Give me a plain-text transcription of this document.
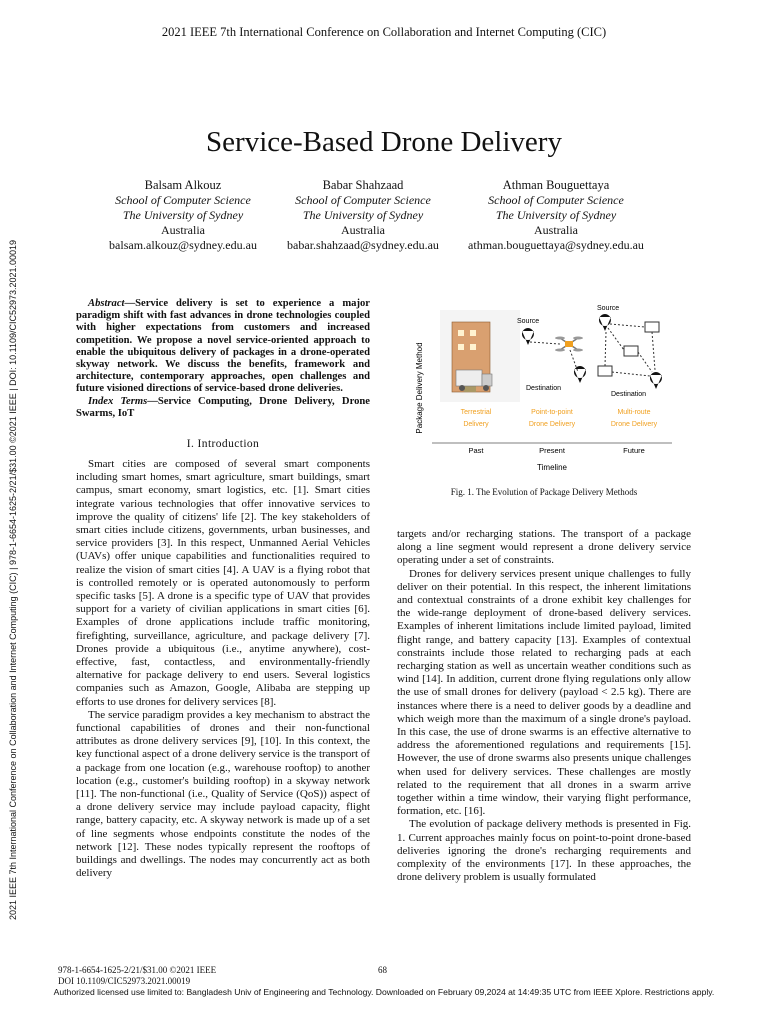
2021 IEEE 7th International Conference on Collaboration and Internet Computing (CIC)
Service-Based Drone Delivery
Balsam Alkouz
School of Computer Science
The University of Sydney
Australia
balsam.alkouz@sydney.edu.au
Babar Shahzaad
School of Computer Science
The University of Sydney
Australia
babar.shahzaad@sydney.edu.au
Athman Bouguettaya
School of Computer Science
The University of Sydney
Australia
athman.bouguettaya@sydney.edu.au
2021 IEEE 7th International Conference on Collaboration and Internet Computing (CIC) | 978-1-6654-1625-2/21/$31.00 ©2021 IEEE | DOI: 10.1109/CIC52973.2021.00019	Abstract—Service delivery is set to experience a major paradigm shift with fast advances in drone technologies coupled with higher expectations from customers and increased competition. We propose a novel service-oriented approach to enable the ubiquitous delivery of packages in a drone-operated skyway network. We discuss the benefits, framework and architecture, contemporary approaches, open challenges and future visioned directions of service-based drone deliveries.

Index Terms—Service Computing, Drone Delivery, Drone Swarms, IoT

I. Introduction

Smart cities are composed of several smart components including smart homes, smart agriculture, smart buildings, smart campus, smart economy, smart logistics, etc. [1]. Smart cities integrate various technologies that offer innovative services to improve the quality of citizens' life [2]. The key stakeholders of smart cities include citizens, governments, urban businesses, and service providers [3]. In this respect, Unmanned Aerial Vehicles (UAVs) offer unique capabilities and functionalities required to realize the vision of smart cities [4]. A UAV is a flying robot that is controlled remotely or is operated autonomously to perform specific tasks [5]. A drone is a specific type of UAV that provides support for a variety of civilian applications in smart cities [6]. Examples of drone applications include traffic monitoring, firefighting, surveillance, agriculture, and package delivery [7]. Drones provide a ubiquitous (i.e., anytime anywhere), cost-effective, fast, contactless, and environmentally-friendly alternative for package delivery to end users. Several logistics companies such as Amazon, Google, Alibaba are stepping up efforts to use drones for delivery services [8].

The service paradigm provides a key mechanism to abstract the functional capabilities of drones and their non-functional attributes as drone delivery services [9], [10]. In this context, the key functional aspect of a drone delivery service is the transport of a package from one location (e.g., warehouse rooftop) to another location (e.g., customer's building rooftop) in a skyway network [11]. The non-functional (i.e., Quality of Service (QoS)) aspect of a drone delivery service may include payload capacity, flight range, battery capacity, etc. A skyway network is made up of a set of line segments whose endpoints constitute the nodes of the network [12]. These nodes typically represent the rooftops of buildings and dwellings. The nodes may concurrently act as both delivery

Package Delivery Method
Source
Destination
Source
Destination
Terrestrial
Delivery
Point-to-point
Drone Delivery
Multi-route
Drone Delivery
Past	Present	Future
Timeline
Fig. 1. The Evolution of Package Delivery Methods

targets and/or recharging stations. The transport of a package along a line segment would represent a drone delivery service operating under a set of constraints.

Drones for delivery services present unique challenges to fully deliver on their potential. In this respect, the inherent limitations and contextual constraints of a drone exhibit key challenges for the wide-range deployment of drone-based delivery services. Examples of inherent limitations include limited payload, limited flight range, and battery capacity [13]. Examples of contextual constraints include those related to recharging pads at each recharging station as well as uncertain weather conditions such as wind [14]. In addition, current drone flying regulations only allow the use of small drones for delivery (payload < 2.5 kg). There are instances where there is a need to deliver goods by a deadline and which weigh more than the maximum of a single drone's payload. In this case, the use of drone swarms is an effective alternative to address the aforementioned regulations and requirements [15]. However, the use of drone swarms also presents unique challenges when used for delivery services. These challenges are mostly related to the requirement that all drones in a swarm arrive together within a time window, their varying flight performance, formation, etc. [16].

The evolution of package delivery methods is presented in Fig. 1. Current approaches mainly focus on point-to-point drone-based deliveries ignoring the drone's recharging requirements and complexity of the environments [17]. In these approaches, the drone delivery problem is usually formulated

978-1-6654-1625-2/21/$31.00 ©2021 IEEE
DOI 10.1109/CIC52973.2021.00019
68
Authorized licensed use limited to: Bangladesh Univ of Engineering and Technology. Downloaded on February 09,2024 at 14:49:35 UTC from IEEE Xplore. Restrictions apply.
